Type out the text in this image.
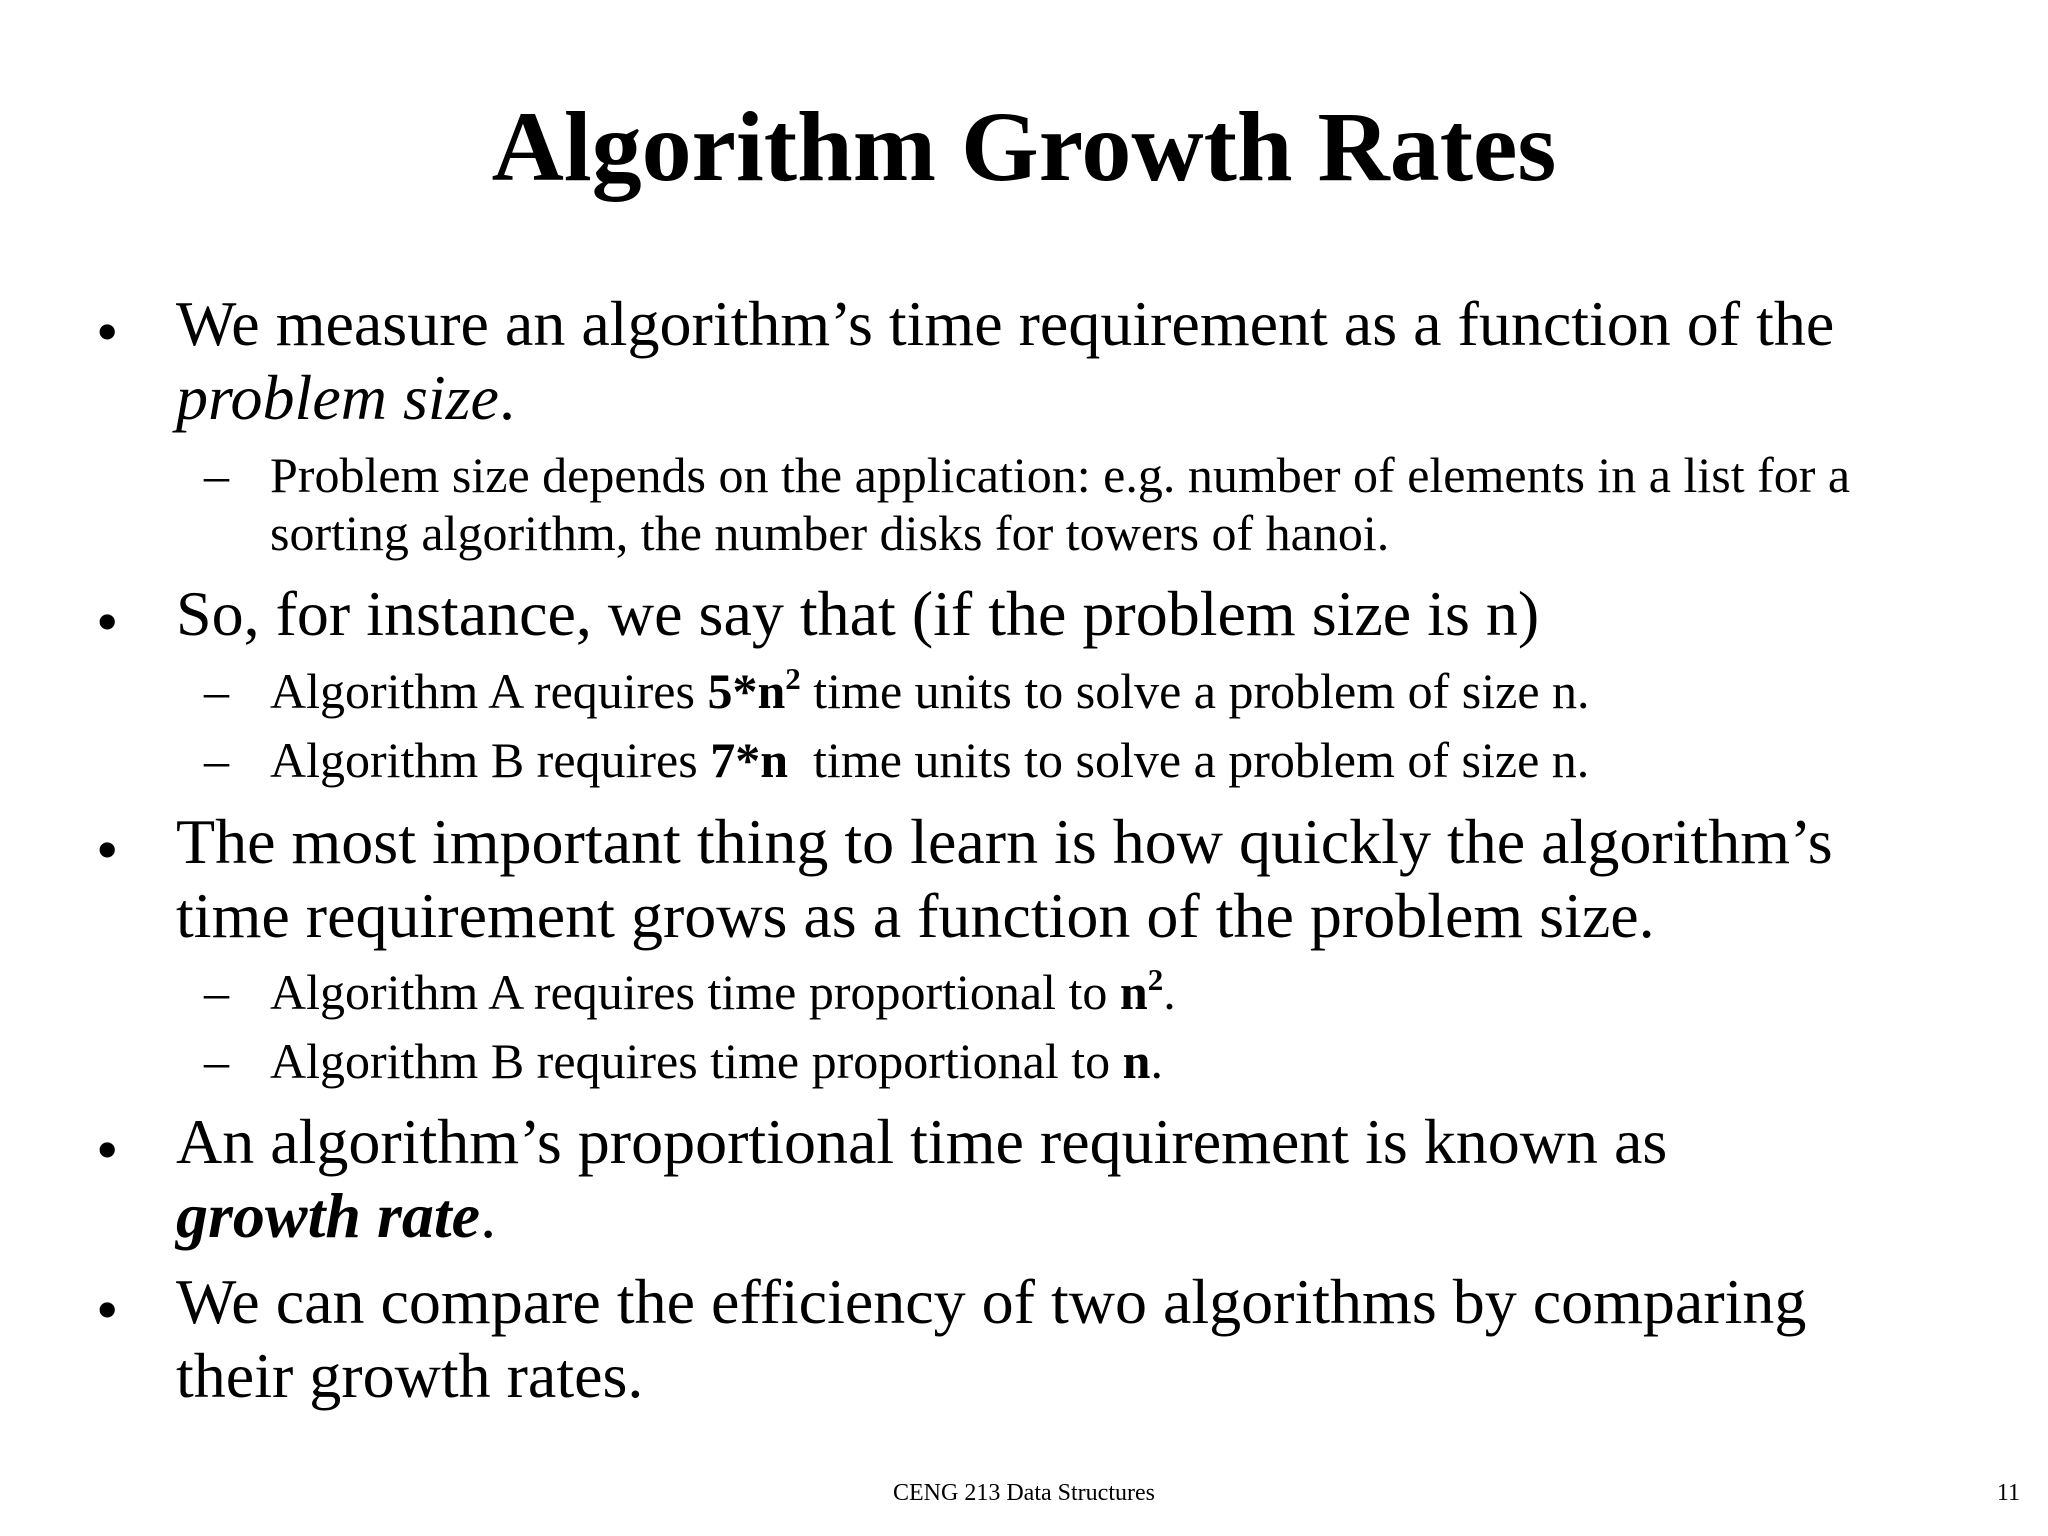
Algorithm Growth Rates
• We measure an algorithm’s time requirement as a function of the
problem size.
– Problem size depends on the application: e.g. number of elements in a list for a
sorting algorithm, the number disks for towers of hanoi.
• So, for instance, we say that (if the problem size is n)
– Algorithm A requires $5*n^2$ time units to solve a problem of size n.
– Algorithm B requires 7*n  time units to solve a problem of size n.
• The most important thing to learn is how quickly the algorithm’s
time requirement grows as a function of the problem size.
– Algorithm A requires time proportional to $n^2$.
– Algorithm B requires time proportional to n.
• An algorithm’s proportional time requirement is known as
growth rate.
• We can compare the efficiency of two algorithms by comparing
their growth rates.
CENG 213 Data Structures	11
